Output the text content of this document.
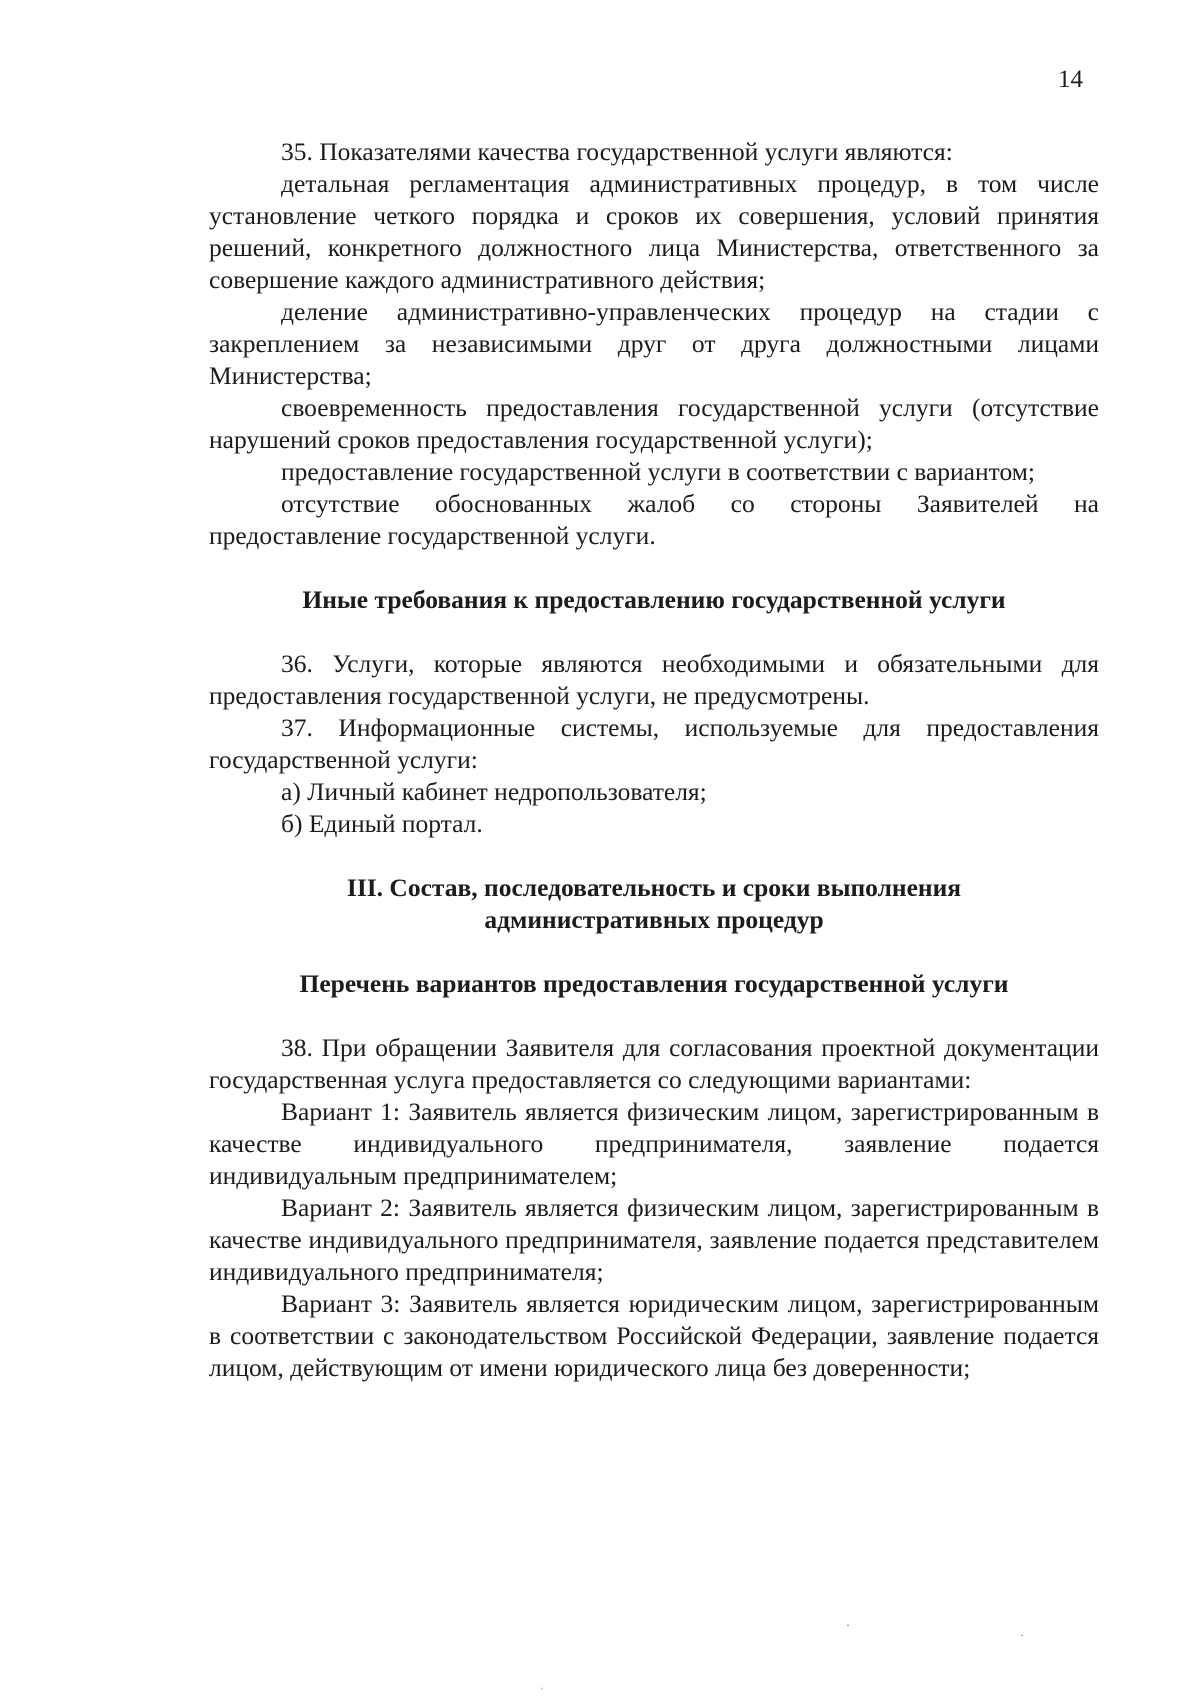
14

35. Показателями качества государственной услуги являются:

детальная регламентация административных процедур, в том числе установление четкого порядка и сроков их совершения, условий принятия решений, конкретного должностного лица Министерства, ответственного за совершение каждого административного действия;

деление административно-управленческих процедур на стадии с закреплением за независимыми друг от друга должностными лицами Министерства;

своевременность предоставления государственной услуги (отсутствие нарушений сроков предоставления государственной услуги);

предоставление государственной услуги в соответствии с вариантом;

отсутствие обоснованных жалоб со стороны Заявителей на предоставление государственной услуги.

Иные требования к предоставлению государственной услуги

36. Услуги, которые являются необходимыми и обязательными для предоставления государственной услуги, не предусмотрены.

37. Информационные системы, используемые для предоставления государственной услуги:

а) Личный кабинет недропользователя;

б) Единый портал.

III. Состав, последовательность и сроки выполнения

административных процедур

Перечень вариантов предоставления государственной услуги

38. При обращении Заявителя для согласования проектной документации государственная услуга предоставляется со следующими вариантами:

Вариант 1: Заявитель является физическим лицом, зарегистрированным в качестве индивидуального предпринимателя, заявление подается индивидуальным предпринимателем;

Вариант 2: Заявитель является физическим лицом, зарегистрированным в качестве индивидуального предпринимателя, заявление подается представителем индивидуального предпринимателя;

Вариант 3: Заявитель является юридическим лицом, зарегистрированным в соответствии с законодательством Российской Федерации, заявление подается лицом, действующим от имени юридического лица без доверенности;

·
·
ˌ
